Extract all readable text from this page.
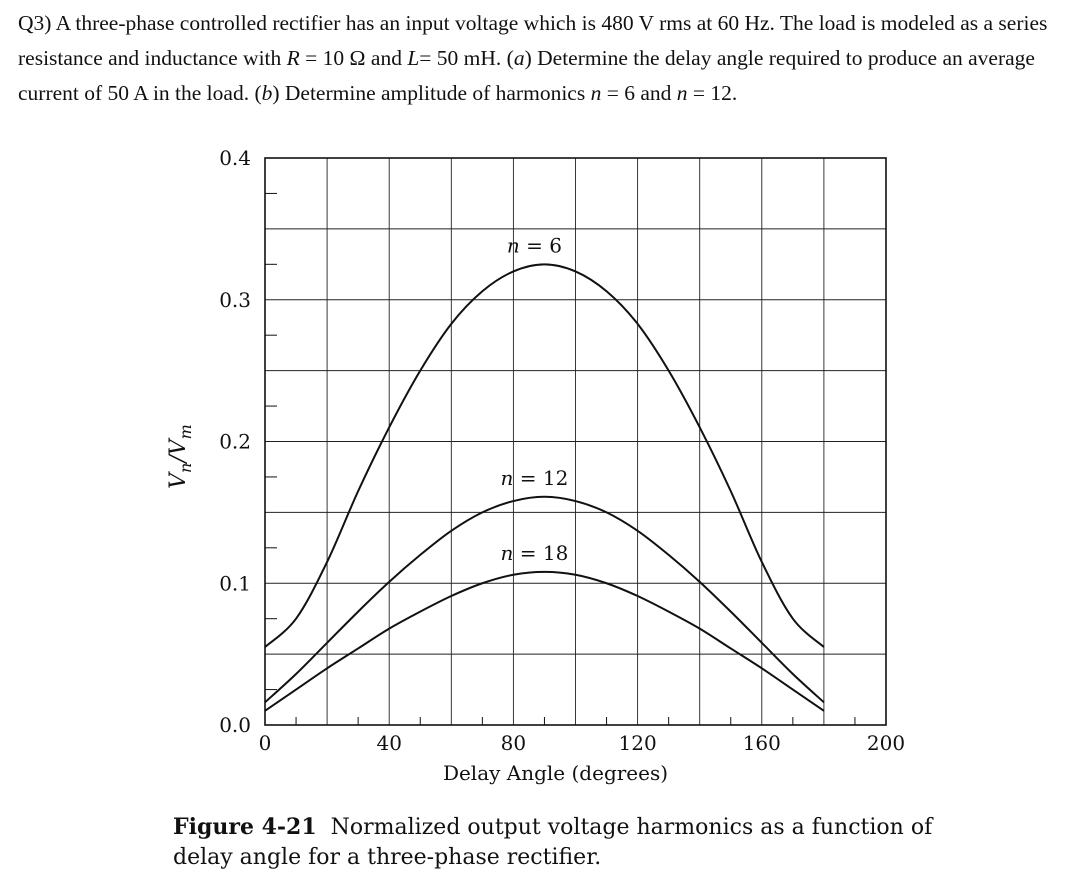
Q3) A three-phase controlled rectifier has an input voltage which is 480 V rms at 60 Hz. The load is modeled as a series resistance and inductance with R = 10 Ω and L= 50 mH. (a) Determine the delay angle required to produce an average current of 50 A in the load. (b) Determine amplitude of harmonics n = 6 and n = 12.
n = 6
n = 12
n = 18
0	40	80	120	160	200
0.0
0.1
0.2
0.3
0.4
Delay Angle (degrees)
$V_n/V_m$
Figure 4-21 Normalized output voltage harmonics as a function of delay angle for a three-phase rectifier.
